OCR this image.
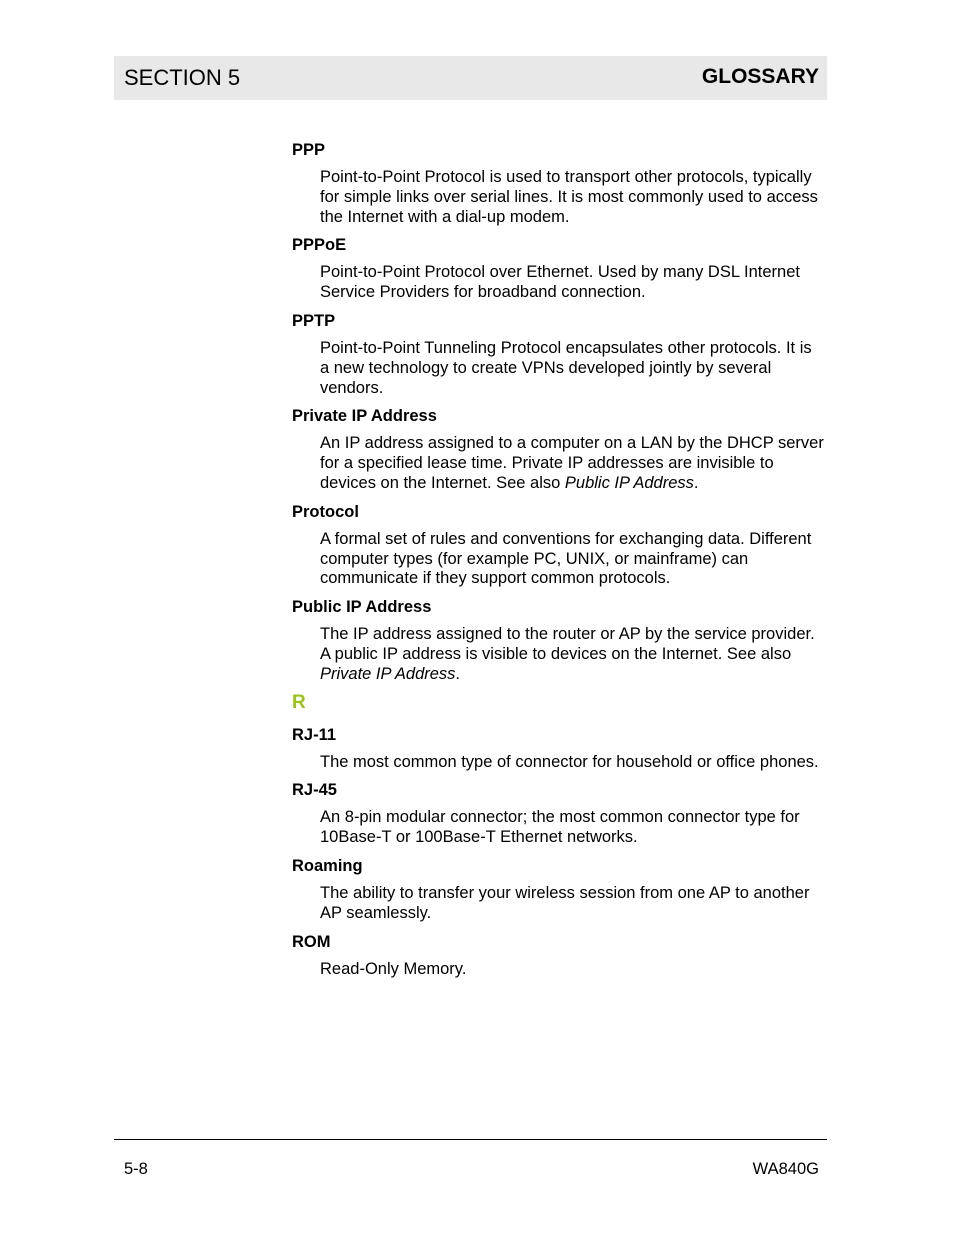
SECTION 5	GLOSSARY

PPP

Point-to-Point Protocol is used to transport other protocols, typically for simple links over serial lines. It is most commonly used to access the Internet with a dial-up modem.

PPPoE

Point-to-Point Protocol over Ethernet. Used by many DSL Internet Service Providers for broadband connection.

PPTP

Point-to-Point Tunneling Protocol encapsulates other protocols. It is a new technology to create VPNs developed jointly by several vendors.

Private IP Address

An IP address assigned to a computer on a LAN by the DHCP server for a specified lease time. Private IP addresses are invisible to devices on the Internet. See also Public IP Address.

Protocol

A formal set of rules and conventions for exchanging data. Different computer types (for example PC, UNIX, or mainframe) can communicate if they support common protocols.

Public IP Address

The IP address assigned to the router or AP by the service provider. A public IP address is visible to devices on the Internet. See also Private IP Address.

R

RJ-11

The most common type of connector for household or office phones.

RJ-45

An 8-pin modular connector; the most common connector type for 10Base-T or 100Base-T Ethernet networks.

Roaming

The ability to transfer your wireless session from one AP to another AP seamlessly.

ROM

Read-Only Memory.

5-8	WA840G
